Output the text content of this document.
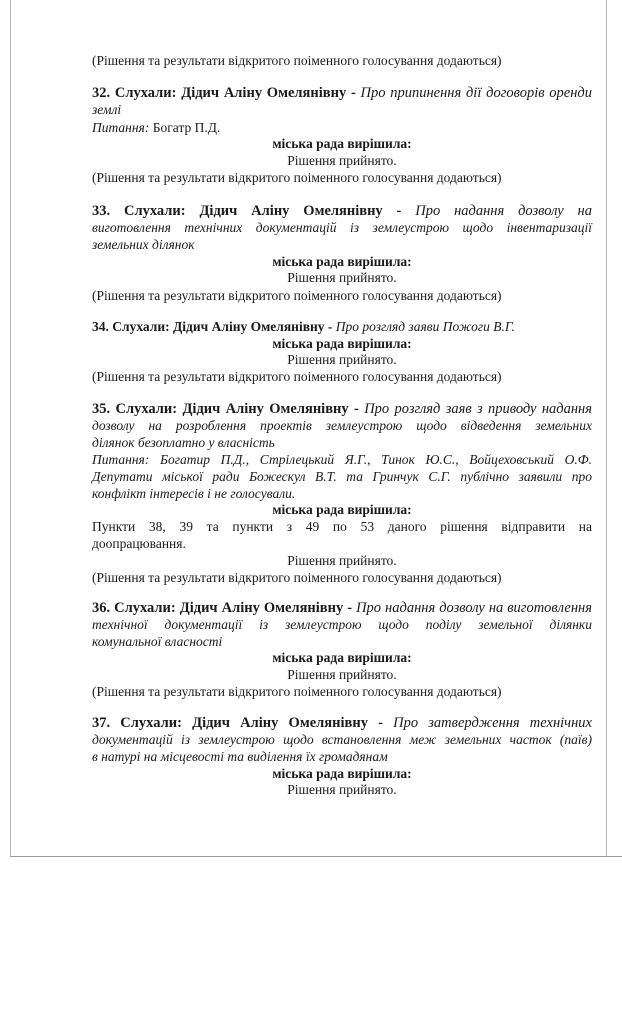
(Рішення та результати відкритого поіменного голосування додаються)
32. Слухали: Дідич Аліну Омелянівну - Про припинення дії договорів оренди
землі
Питання: Богатр П.Д.
міська рада вирішила:
Рішення прийнято.
(Рішення та результати відкритого поіменного голосування додаються)
33. Слухали: Дідич Аліну Омелянівну - Про надання дозволу на
виготовлення технічних документацій із землеустрою щодо інвентаризації
земельних ділянок
міська рада вирішила:
Рішення прийнято.
(Рішення та результати відкритого поіменного голосування додаються)
34. Слухали: Дідич Аліну Омелянівну - Про розгляд заяви Пожоги В.Г.
міська рада вирішила:
Рішення прийнято.
(Рішення та результати відкритого поіменного голосування додаються)
35. Слухали: Дідич Аліну Омелянівну - Про розгляд заяв з приводу надання
дозволу на розроблення проектів землеустрою щодо відведення земельних
ділянок безоплатно у власність
Питання: Богатир П.Д., Стрілецький Я.Г., Тинок Ю.С., Войцеховський О.Ф.
Депутати міської ради Божескул В.Т. та Гринчук С.Г. публічно заявили про
конфлікт інтересів і не голосували.
міська рада вирішила:
Пункти 38, 39 та пункти з 49 по 53 даного рішення відправити на
доопрацювання.
Рішення прийнято.
(Рішення та результати відкритого поіменного голосування додаються)
36. Слухали: Дідич Аліну Омелянівну - Про надання дозволу на виготовлення
технічної документації із землеустрою щодо поділу земельної ділянки
комунальної власності
міська рада вирішила:
Рішення прийнято.
(Рішення та результати відкритого поіменного голосування додаються)
37. Слухали: Дідич Аліну Омелянівну - Про затвердження технічних
документацій із землеустрою щодо встановлення меж земельних часток (паїв)
в натурі на місцевості та виділення їх громадянам
міська рада вирішила:
Рішення прийнято.
